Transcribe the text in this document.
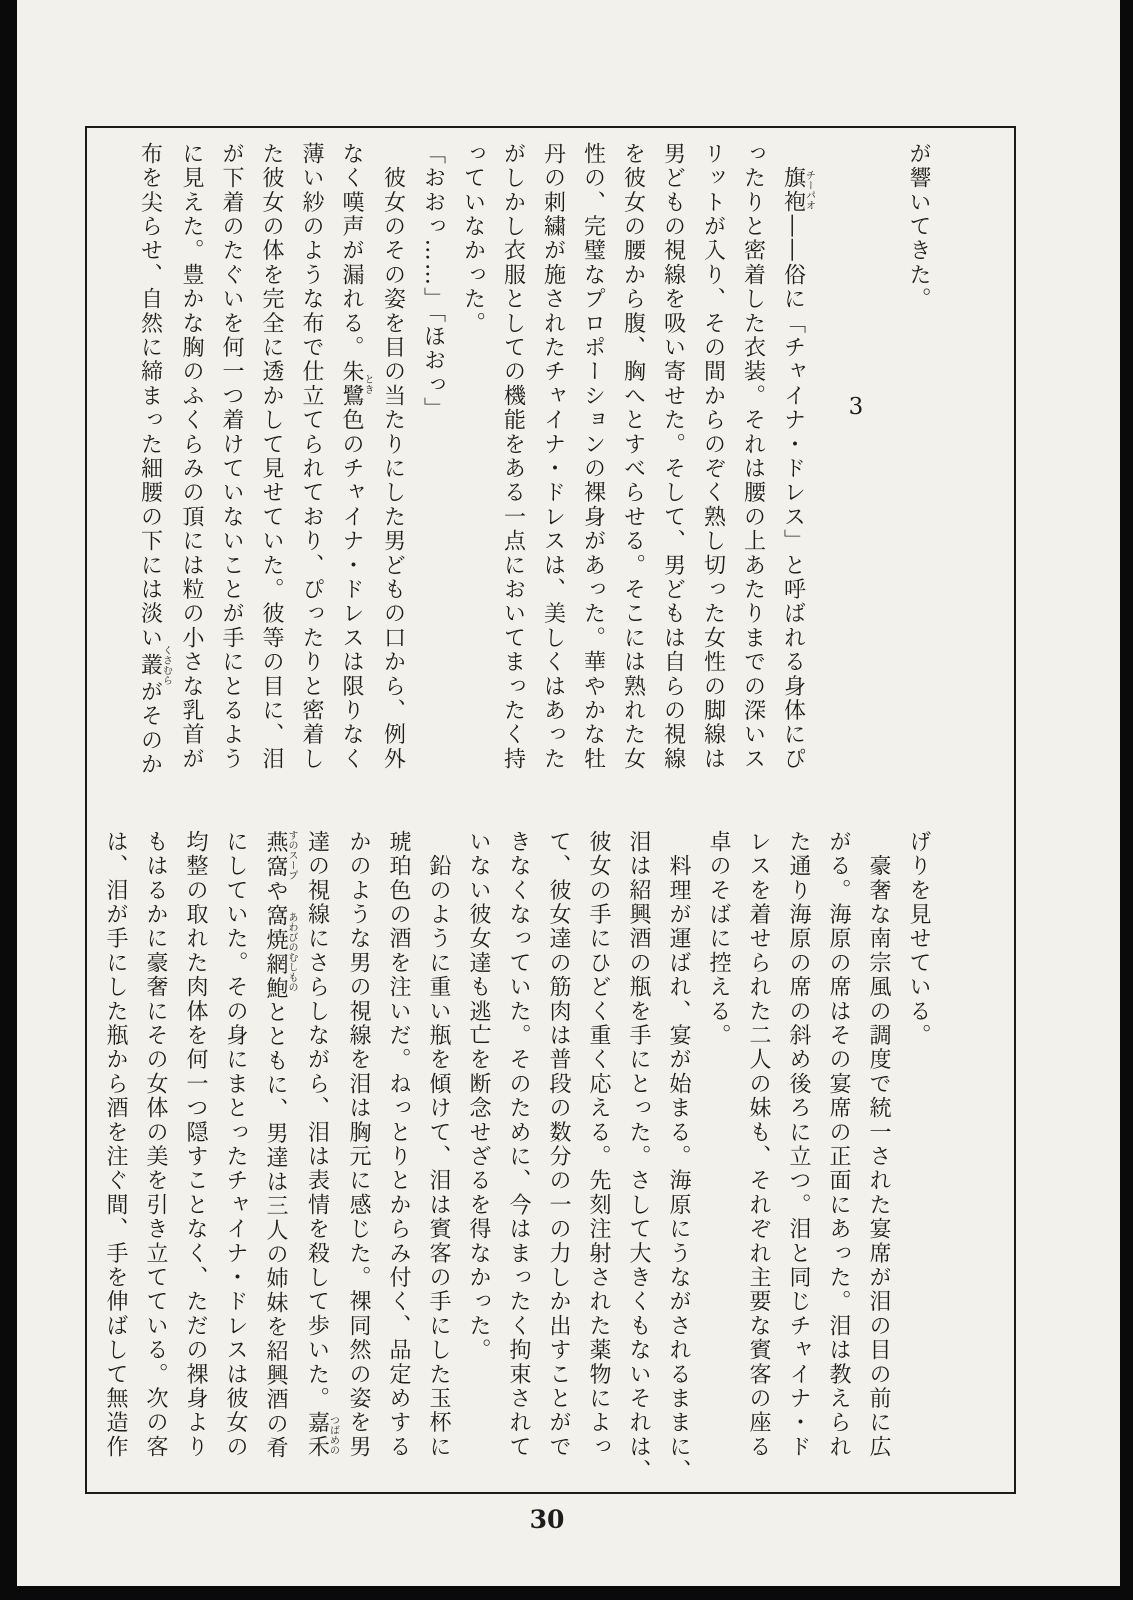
が響いてきた。

3

　旗袍チーパオ――俗に「チャイナ・ドレス」と呼ばれる身体にぴ

ったりと密着した衣装。それは腰の上あたりまでの深いス

リットが入り、その間からのぞく熟し切った女性の脚線は

男どもの視線を吸い寄せた。そして、男どもは自らの視線

を彼女の腰から腹、胸へとすべらせる。そこには熟れた女

性の、完璧なプロポーションの裸身があった。華やかな牡

丹の刺繍が施されたチャイナ・ドレスは、美しくはあった

がしかし衣服としての機能をある一点においてまったく持

っていなかった。

「おおっ……」「ほおっ」

　彼女のその姿を目の当たりにした男どもの口から、例外

なく嘆声が漏れる。朱鷺とき色のチャイナ・ドレスは限りなく

薄い紗のような布で仕立てられており、ぴったりと密着し

た彼女の体を完全に透かして見せていた。彼等の目に、泪

が下着のたぐいを何一つ着けていないことが手にとるよう

に見えた。豊かな胸のふくらみの頂には粒の小さな乳首が

布を尖らせ、自然に締まった細腰の下には淡い叢くさむらがそのか

げりを見せている。

　豪奢な南宗風の調度で統一された宴席が泪の目の前に広

がる。海原の席はその宴席の正面にあった。泪は教えられ

た通り海原の席の斜め後ろに立つ。泪と同じチャイナ・ド

レスを着せられた二人の妹も、それぞれ主要な賓客の座る

卓のそばに控える。

　料理が運ばれ、宴が始まる。海原にうながされるままに、

泪は紹興酒の瓶を手にとった。さして大きくもないそれは、

彼女の手にひどく重く応える。先刻注射された薬物によっ

て、彼女達の筋肉は普段の数分の一の力しか出すことがで

きなくなっていた。そのために、今はまったく拘束されて

いない彼女達も逃亡を断念せざるを得なかった。

　鉛のように重い瓶を傾けて、泪は賓客の手にした玉杯に

琥珀色の酒を注いだ。ねっとりとからみ付く、品定めする

かのような男の視線を泪は胸元に感じた。裸同然の姿を男

達の視線にさらしながら、泪は表情を殺して歩いた。嘉禾つばめの

燕窩すのスープや窩焼網鮑あわびのむしものとともに、男達は三人の姉妹を紹興酒の肴

にしていた。その身にまとったチャイナ・ドレスは彼女の

均整の取れた肉体を何一つ隠すことなく、ただの裸身より

もはるかに豪奢にその女体の美を引き立てている。次の客

は、泪が手にした瓶から酒を注ぐ間、手を伸ばして無造作

30
